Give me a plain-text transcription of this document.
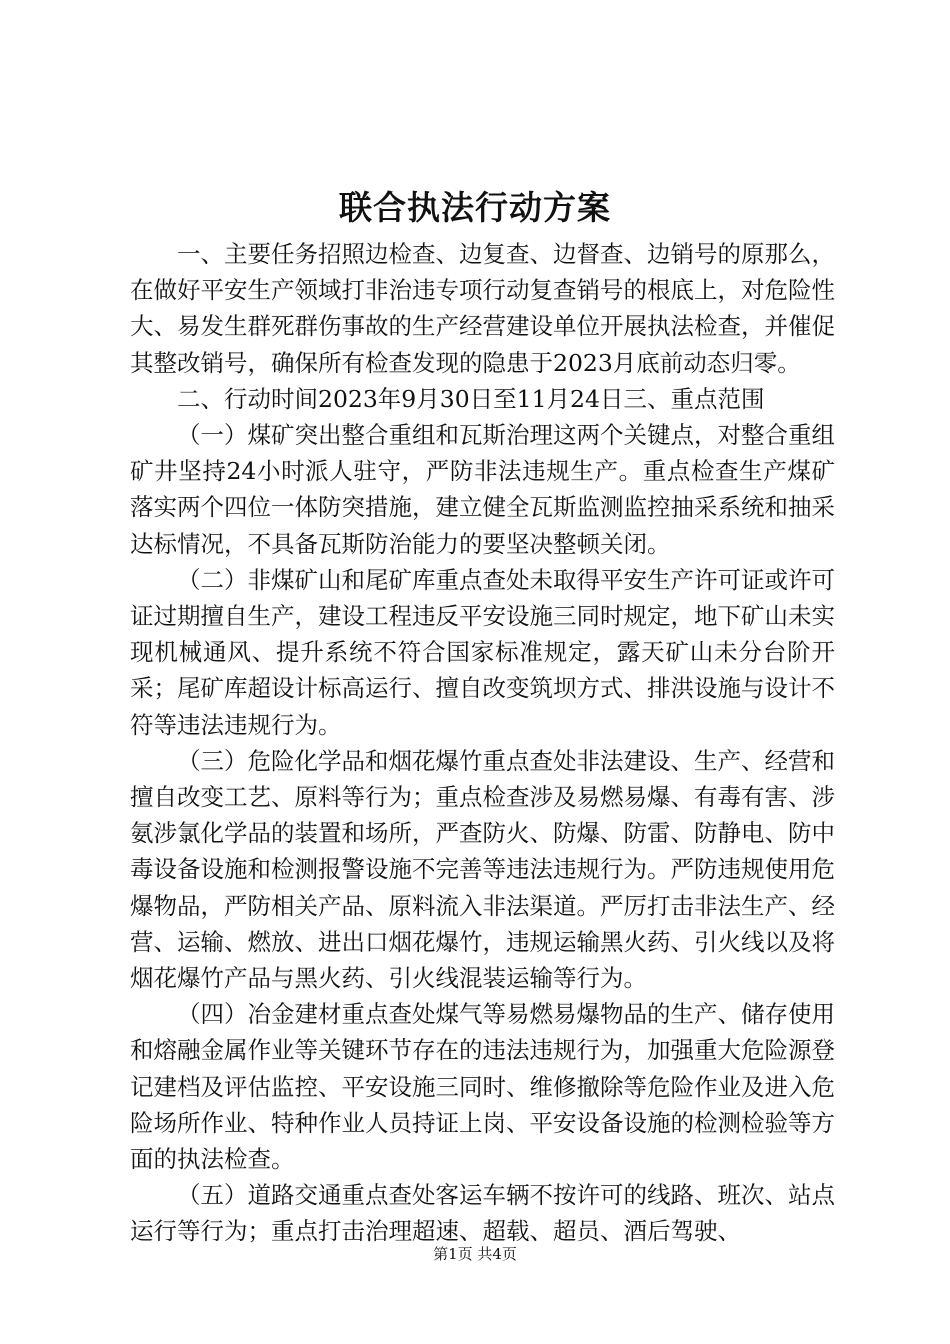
联合执法行动方案

一、主要任务招照边检查、边复查、边督查、边销号的原那么，在做好平安生产领域打非治违专项行动复查销号的根底上，对危险性大、易发生群死群伤事故的生产经营建设单位开展执法检查，并催促其整改销号，确保所有检查发现的隐患于2023月底前动态归零。

二、行动时间2023年9月30日至11月24日三、重点范围

（一）煤矿突出整合重组和瓦斯治理这两个关键点，对整合重组矿井坚持24小时派人驻守，严防非法违规生产。重点检查生产煤矿落实两个四位一体防突措施，建立健全瓦斯监测监控抽采系统和抽采达标情况，不具备瓦斯防治能力的要坚决整顿关闭。

（二）非煤矿山和尾矿库重点查处未取得平安生产许可证或许可证过期擅自生产，建设工程违反平安设施三同时规定，地下矿山未实现机械通风、提升系统不符合国家标准规定，露天矿山未分台阶开采；尾矿库超设计标高运行、擅自改变筑坝方式、排洪设施与设计不符等违法违规行为。

（三）危险化学品和烟花爆竹重点查处非法建设、生产、经营和擅自改变工艺、原料等行为；重点检查涉及易燃易爆、有毒有害、涉氨涉氯化学品的装置和场所，严查防火、防爆、防雷、防静电、防中毒设备设施和检测报警设施不完善等违法违规行为。严防违规使用危爆物品，严防相关产品、原料流入非法渠道。严厉打击非法生产、经营、运输、燃放、进出口烟花爆竹，违规运输黑火药、引火线以及将烟花爆竹产品与黑火药、引火线混装运输等行为。

（四）冶金建材重点查处煤气等易燃易爆物品的生产、储存使用和熔融金属作业等关键环节存在的违法违规行为，加强重大危险源登记建档及评估监控、平安设施三同时、维修撤除等危险作业及进入危险场所作业、特种作业人员持证上岗、平安设备设施的检测检验等方面的执法检查。

（五）道路交通重点查处客运车辆不按许可的线路、班次、站点运行等行为；重点打击治理超速、超载、超员、酒后驾驶、

第1页 共4页
